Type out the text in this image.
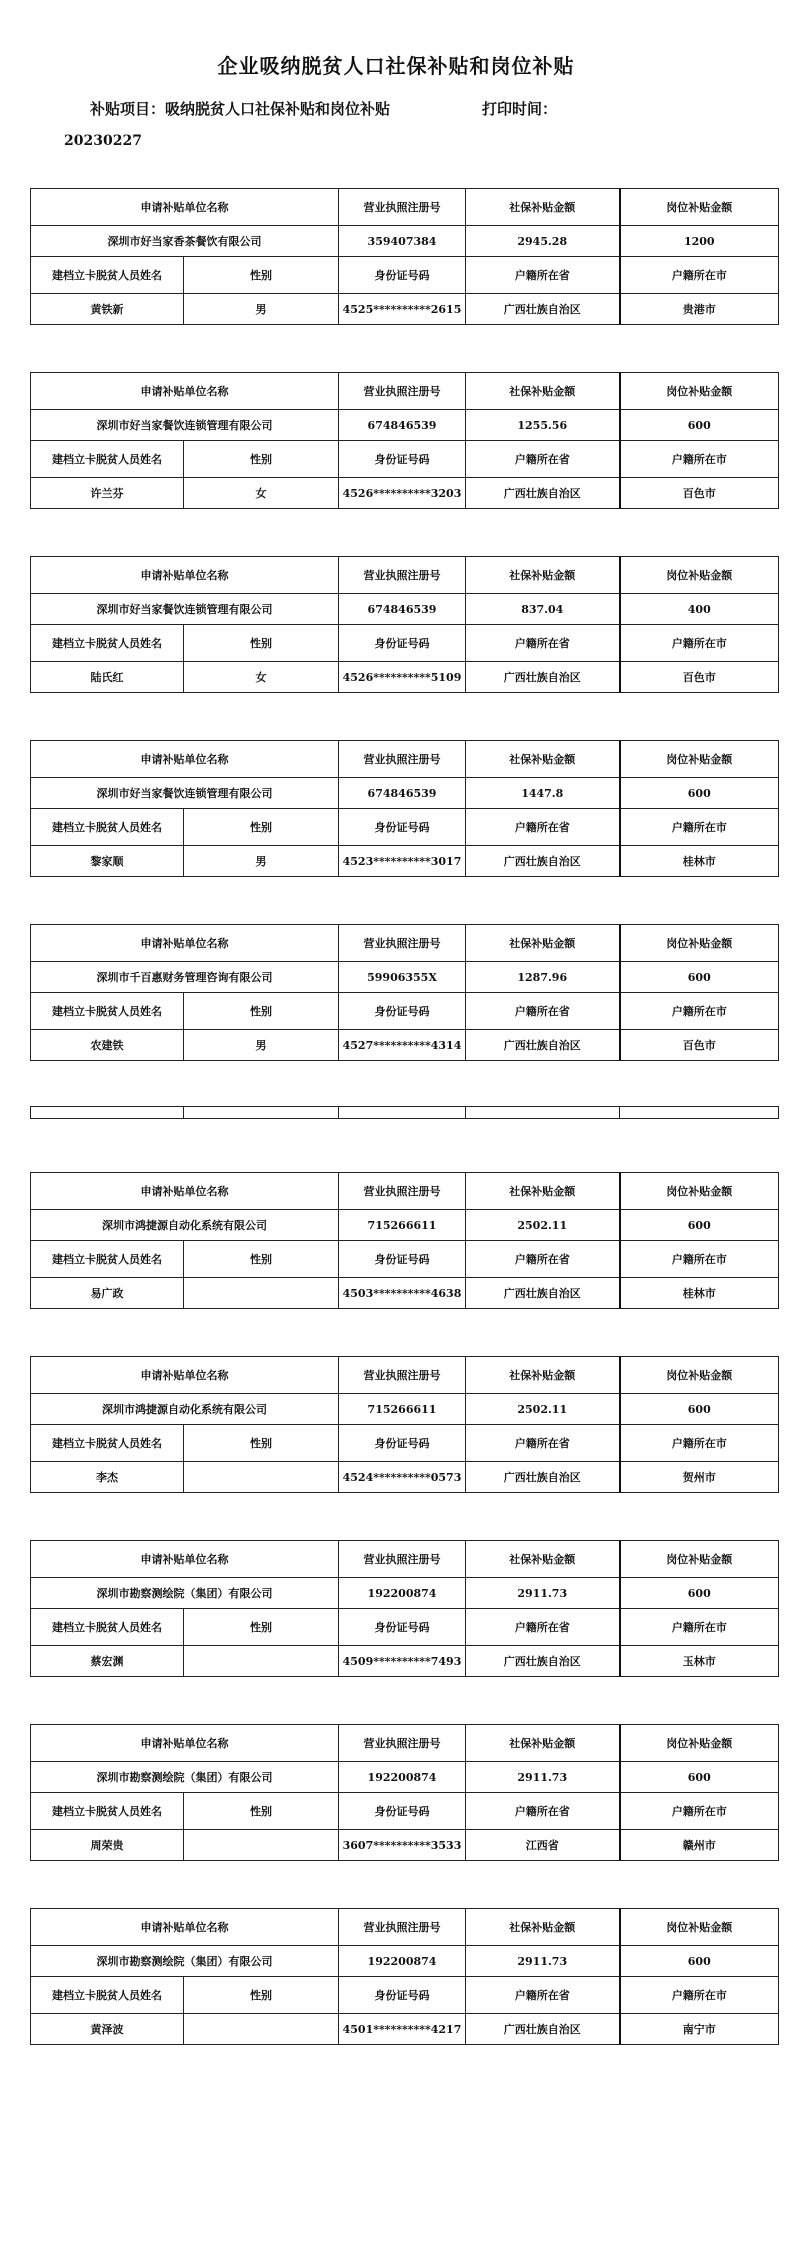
企业吸纳脱贫人口社保补贴和岗位补贴
补贴项目：吸纳脱贫人口社保补贴和岗位补贴	打印时间：
20230227
申请补贴单位名称		营业执照注册号	社保补贴金额	岗位补贴金额
深圳市好当家香茶餐饮有限公司		359407384	2945.28	1200
建档立卡脱贫人员姓名	性别	身份证号码	户籍所在省	户籍所在市
黄铁新	男	4525**********2615	广西壮族自治区	贵港市
申请补贴单位名称		营业执照注册号	社保补贴金额	岗位补贴金额
深圳市好当家餐饮连锁管理有限公司		674846539	1255.56	600
建档立卡脱贫人员姓名	性别	身份证号码	户籍所在省	户籍所在市
许兰芬	女	4526**********3203	广西壮族自治区	百色市
申请补贴单位名称		营业执照注册号	社保补贴金额	岗位补贴金额
深圳市好当家餐饮连锁管理有限公司		674846539	837.04	400
建档立卡脱贫人员姓名	性别	身份证号码	户籍所在省	户籍所在市
陆氏红	女	4526**********5109	广西壮族自治区	百色市
申请补贴单位名称		营业执照注册号	社保补贴金额	岗位补贴金额
深圳市好当家餐饮连锁管理有限公司		674846539	1447.8	600
建档立卡脱贫人员姓名	性别	身份证号码	户籍所在省	户籍所在市
黎家顺	男	4523**********3017	广西壮族自治区	桂林市
申请补贴单位名称		营业执照注册号	社保补贴金额	岗位补贴金额
深圳市千百惠财务管理咨询有限公司		59906355X	1287.96	600
建档立卡脱贫人员姓名	性别	身份证号码	户籍所在省	户籍所在市
农建铁	男	4527**********4314	广西壮族自治区	百色市
申请补贴单位名称		营业执照注册号	社保补贴金额	岗位补贴金额
深圳市鸿捷源自动化系统有限公司		715266611	2502.11	600
建档立卡脱贫人员姓名	性别	身份证号码	户籍所在省	户籍所在市
易广政		4503**********4638	广西壮族自治区	桂林市
申请补贴单位名称		营业执照注册号	社保补贴金额	岗位补贴金额
深圳市鸿捷源自动化系统有限公司		715266611	2502.11	600
建档立卡脱贫人员姓名	性别	身份证号码	户籍所在省	户籍所在市
李杰		4524**********0573	广西壮族自治区	贺州市
申请补贴单位名称		营业执照注册号	社保补贴金额	岗位补贴金额
深圳市勘察测绘院（集团）有限公司		192200874	2911.73	600
建档立卡脱贫人员姓名	性别	身份证号码	户籍所在省	户籍所在市
蔡宏渊		4509**********7493	广西壮族自治区	玉林市
申请补贴单位名称		营业执照注册号	社保补贴金额	岗位补贴金额
深圳市勘察测绘院（集团）有限公司		192200874	2911.73	600
建档立卡脱贫人员姓名	性别	身份证号码	户籍所在省	户籍所在市
周荣贵		3607**********3533	江西省	赣州市
申请补贴单位名称		营业执照注册号	社保补贴金额	岗位补贴金额
深圳市勘察测绘院（集团）有限公司		192200874	2911.73	600
建档立卡脱贫人员姓名	性别	身份证号码	户籍所在省	户籍所在市
黄泽波		4501**********4217	广西壮族自治区	南宁市
